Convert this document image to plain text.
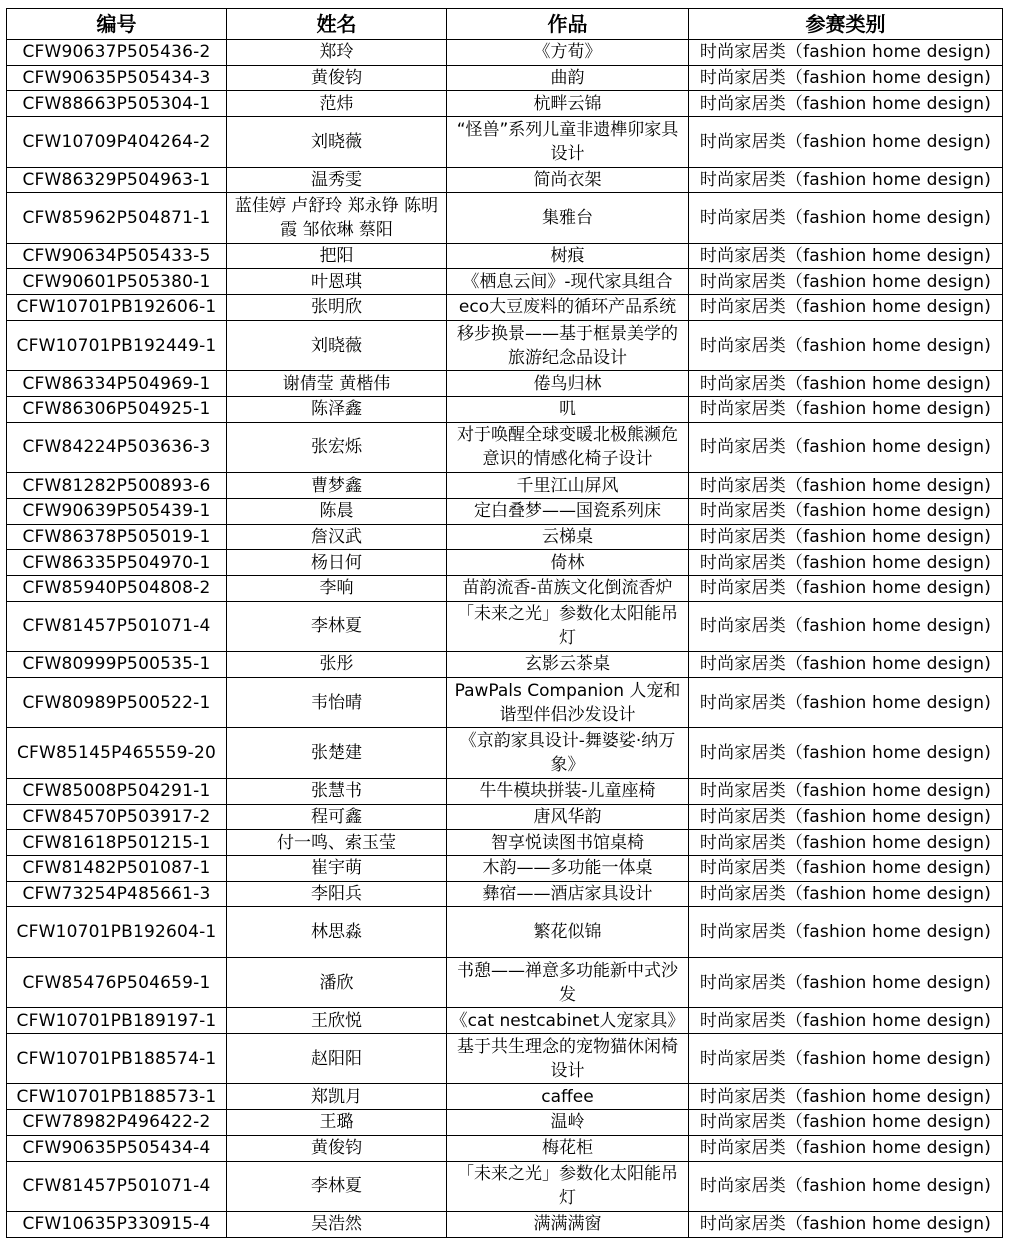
编号	姓名	作品	参赛类别
CFW90637P505436-2	郑玲	《方荀》	时尚家居类（fashion home design)
CFW90635P505434-3	黄俊钧	曲韵	时尚家居类（fashion home design)
CFW88663P505304-1	范炜	杭畔云锦	时尚家居类（fashion home design)
CFW10709P404264-2	刘晓薇	“怪兽”系列儿童非遗榫卯家具设计	时尚家居类（fashion home design)
CFW86329P504963-1	温秀雯	简尚衣架	时尚家居类（fashion home design)
CFW85962P504871-1	蓝佳婷 卢舒玲 郑永铮 陈明霞 邹依琳 蔡阳	集雅台	时尚家居类（fashion home design)
CFW90634P505433-5	把阳	树痕	时尚家居类（fashion home design)
CFW90601P505380-1	叶恩琪	《栖息云间》-现代家具组合	时尚家居类（fashion home design)
CFW10701PB192606-1	张明欣	eco大豆废料的循环产品系统	时尚家居类（fashion home design)
CFW10701PB192449-1	刘晓薇	移步换景——基于框景美学的旅游纪念品设计	时尚家居类（fashion home design)
CFW86334P504969-1	谢倩莹 黄楷伟	倦鸟归林	时尚家居类（fashion home design)
CFW86306P504925-1	陈泽鑫	叽	时尚家居类（fashion home design)
CFW84224P503636-3	张宏烁	对于唤醒全球变暖北极熊濒危意识的情感化椅子设计	时尚家居类（fashion home design)
CFW81282P500893-6	曹梦鑫	千里江山屏风	时尚家居类（fashion home design)
CFW90639P505439-1	陈晨	定白叠梦——国瓷系列床	时尚家居类（fashion home design)
CFW86378P505019-1	詹汉武	云梯桌	时尚家居类（fashion home design)
CFW86335P504970-1	杨日何	倚林	时尚家居类（fashion home design)
CFW85940P504808-2	李响	苗韵流香-苗族文化倒流香炉	时尚家居类（fashion home design)
CFW81457P501071-4	李林夏	「未来之光」参数化太阳能吊灯	时尚家居类（fashion home design)
CFW80999P500535-1	张彤	玄影云茶桌	时尚家居类（fashion home design)
CFW80989P500522-1	韦怡晴	PawPals Companion 人宠和谐型伴侣沙发设计	时尚家居类（fashion home design)
CFW85145P465559-20	张楚建	《京韵家具设计-舞婆娑·纳万象》	时尚家居类（fashion home design)
CFW85008P504291-1	张慧书	牛牛模块拼装-儿童座椅	时尚家居类（fashion home design)
CFW84570P503917-2	程可鑫	唐风华韵	时尚家居类（fashion home design)
CFW81618P501215-1	付一鸣、索玉莹	智享悦读图书馆桌椅	时尚家居类（fashion home design)
CFW81482P501087-1	崔宇萌	木韵——多功能一体桌	时尚家居类（fashion home design)
CFW73254P485661-3	李阳兵	彝宿——酒店家具设计	时尚家居类（fashion home design)
CFW10701PB192604-1	林思淼	繁花似锦	时尚家居类（fashion home design)
CFW85476P504659-1	潘欣	书憩——禅意多功能新中式沙发	时尚家居类（fashion home design)
CFW10701PB189197-1	王欣悦	《cat nestcabinet人宠家具》	时尚家居类（fashion home design)
CFW10701PB188574-1	赵阳阳	基于共生理念的宠物猫休闲椅设计	时尚家居类（fashion home design)
CFW10701PB188573-1	郑凯月	caffee	时尚家居类（fashion home design)
CFW78982P496422-2	王璐	温岭	时尚家居类（fashion home design)
CFW90635P505434-4	黄俊钧	梅花柜	时尚家居类（fashion home design)
CFW81457P501071-4	李林夏	「未来之光」参数化太阳能吊灯	时尚家居类（fashion home design)
CFW10635P330915-4	吴浩然	满满满窗	时尚家居类（fashion home design)
